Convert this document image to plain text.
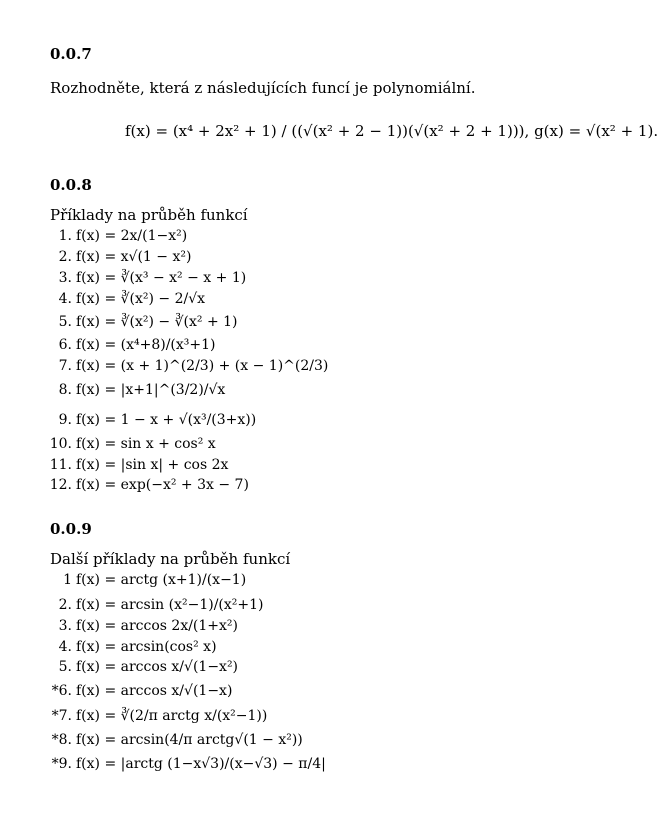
0.0.7
Rozhodněte, která z následujících funcí je polynomiální.
f(x) = (x⁴ + 2x² + 1) / ((√(x² + 2 − 1))(√(x² + 2 + 1))), g(x) = √(x² + 1).
0.0.8
Příklady na průběh funkcí
1. f(x) = 2x/(1−x²)
2. f(x) = x√(1 − x²)
3. f(x) = ∛(x³ − x² − x + 1)
4. f(x) = ∛(x²) − 2/√x
5. f(x) = ∛(x²) − ∛(x² + 1)
6. f(x) = (x⁴+8)/(x³+1)
7. f(x) = (x + 1)^(2/3) + (x − 1)^(2/3)
8. f(x) = |x+1|^(3/2)/√x
9. f(x) = 1 − x + √(x³/(3+x))
10. f(x) = sin x + cos² x
11. f(x) = |sin x| + cos 2x
12. f(x) = exp(−x² + 3x − 7)
0.0.9
Další příklady na průběh funkcí
1 f(x) = arctg (x+1)/(x−1)
2. f(x) = arcsin (x²−1)/(x²+1)
3. f(x) = arccos 2x/(1+x²)
4. f(x) = arcsin(cos² x)
5. f(x) = arccos x/√(1−x²)
*6. f(x) = arccos x/√(1−x)
*7. f(x) = ∛(2/π arctg x/(x²−1))
*8. f(x) = arcsin(4/π arctg√(1 − x²))
*9. f(x) = |arctg (1−x√3)/(x−√3) − π/4|
